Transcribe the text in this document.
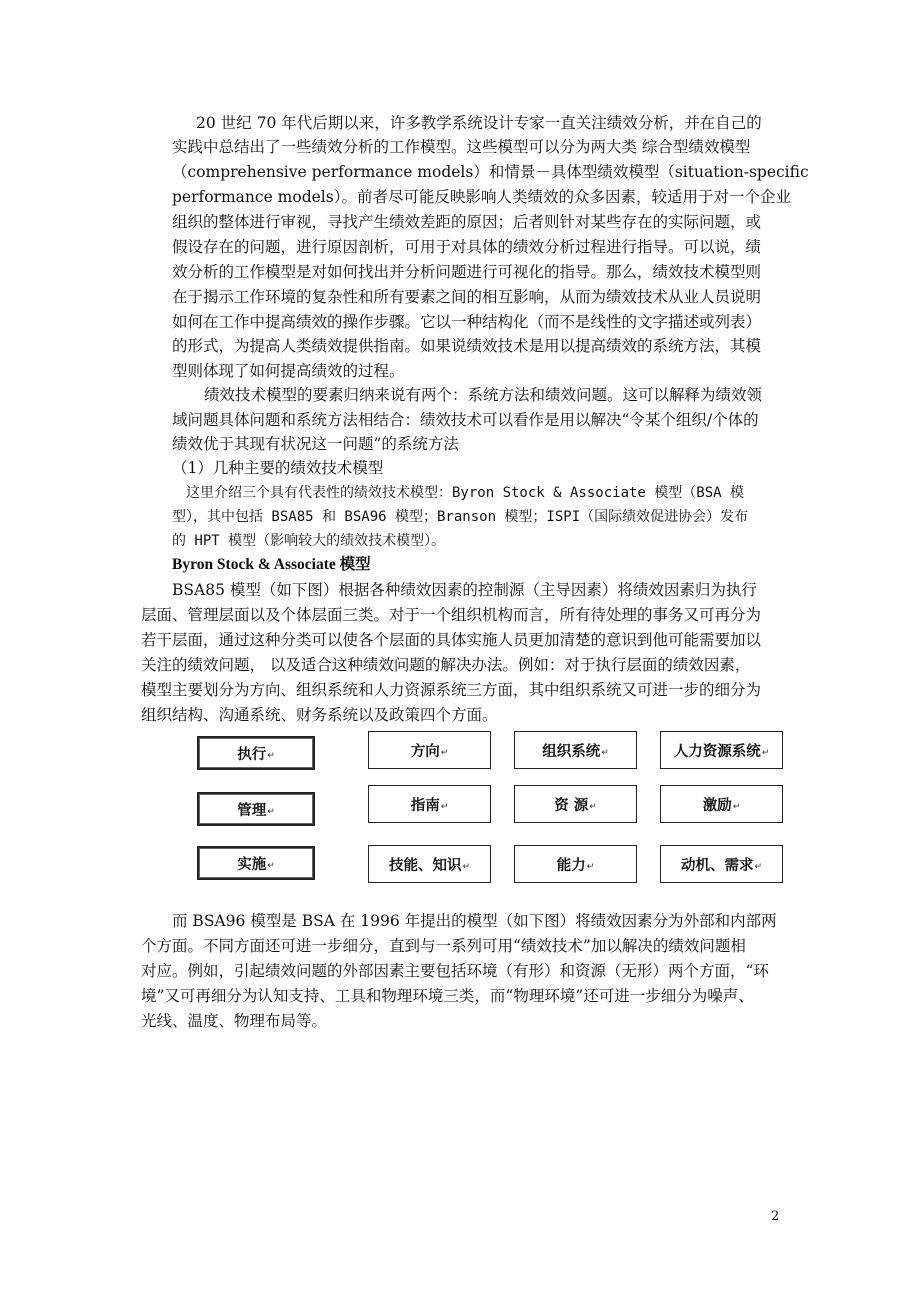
20 世纪 70 年代后期以来，许多教学系统设计专家一直关注绩效分析，并在自己的
实践中总结出了一些绩效分析的工作模型。这些模型可以分为两大类 综合型绩效模型
（comprehensive performance models）和情景－具体型绩效模型（situation-specific
performance models）。前者尽可能反映影响人类绩效的众多因素，较适用于对一个企业
组织的整体进行审视，寻找产生绩效差距的原因；后者则针对某些存在的实际问题，或
假设存在的问题，进行原因剖析，可用于对具体的绩效分析过程进行指导。可以说，绩
效分析的工作模型是对如何找出并分析问题进行可视化的指导。那么，绩效技术模型则
在于揭示工作环境的复杂性和所有要素之间的相互影响，从而为绩效技术从业人员说明
如何在工作中提高绩效的操作步骤。它以一种结构化（而不是线性的文字描述或列表）
的形式，为提高人类绩效提供指南。如果说绩效技术是用以提高绩效的系统方法，其模
型则体现了如何提高绩效的过程。
绩效技术模型的要素归纳来说有两个：系统方法和绩效问题。这可以解释为绩效领
域问题具体问题和系统方法相结合：绩效技术可以看作是用以解决“令某个组织/个体的
绩效优于其现有状况这一问题”的系统方法
（1）几种主要的绩效技术模型
这里介绍三个具有代表性的绩效技术模型：Byron Stock & Associate 模型（BSA 模
型），其中包括 BSA85 和 BSA96 模型；Branson 模型；ISPI（国际绩效促进协会）发布
的 HPT 模型（影响较大的绩效技术模型）。
Byron Stock & Associate 模型
BSA85 模型（如下图）根据各种绩效因素的控制源（主导因素）将绩效因素归为执行
层面、管理层面以及个体层面三类。对于一个组织机构而言，所有待处理的事务又可再分为
若干层面，通过这种分类可以使各个层面的具体实施人员更加清楚的意识到他可能需要加以
关注的绩效问题， 以及适合这种绩效问题的解决办法。例如：对于执行层面的绩效因素，
模型主要划分为方向、组织系统和人力资源系统三方面，其中组织系统又可进一步的细分为
组织结构、沟通系统、财务系统以及政策四个方面。
执行 ↵	方向 ↵	组织系统 ↵	人力资源系统 ↵
管理 ↵	指南 ↵	资 源 ↵	激励 ↵
实施 ↵	技能、知识 ↵	能力 ↵	动机、需求 ↵
而 BSA96 模型是 BSA 在 1996 年提出的模型（如下图）将绩效因素分为外部和内部两
个方面。不同方面还可进一步细分，直到与一系列可用“绩效技术”加以解决的绩效问题相
对应。例如，引起绩效问题的外部因素主要包括环境（有形）和资源（无形）两个方面，“环
境”又可再细分为认知支持、工具和物理环境三类，而“物理环境”还可进一步细分为噪声、
光线、温度、物理布局等。
2
